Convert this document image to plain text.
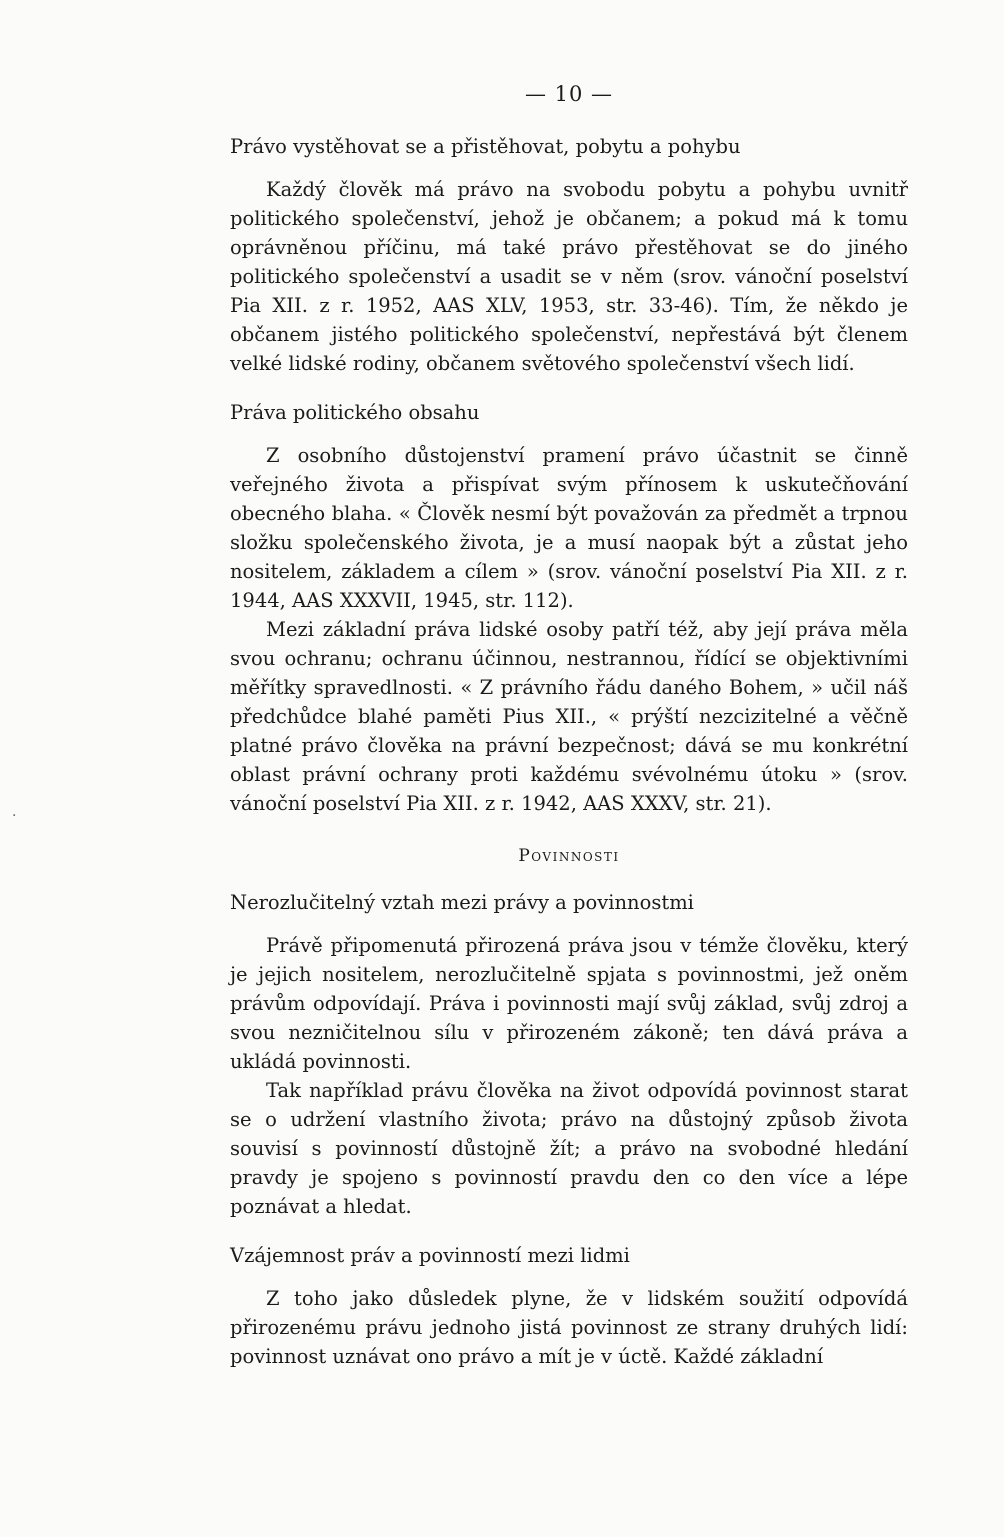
— 10 —
Právo vystěhovat se a přistěhovat, pobytu a pohybu

Každý člověk má právo na svobodu pobytu a pohybu uvnitř politického společenství, jehož je občanem; a pokud má k tomu oprávněnou příčinu, má také právo přestěhovat se do jiného politického společenství a usadit se v něm (srov. vánoční poselství Pia XII. z r. 1952, AAS XLV, 1953, str. 33-46). Tím, že někdo je občanem jistého politického společenství, nepřestává být členem velké lidské rodiny, občanem světového společenství všech lidí.

Práva politického obsahu

Z osobního důstojenství pramení právo účastnit se činně veřejného života a přispívat svým přínosem k uskutečňování obecného blaha. « Člověk nesmí být považován za předmět a trpnou složku společenského života, je a musí naopak být a zůstat jeho nositelem, základem a cílem » (srov. vánoční poselství Pia XII. z r. 1944, AAS XXXVII, 1945, str. 112).

Mezi základní práva lidské osoby patří též, aby její práva měla svou ochranu; ochranu účinnou, nestrannou, řídící se objektivními měřítky spravedlnosti. « Z právního řádu daného Bohem, » učil náš předchůdce blahé paměti Pius XII., « prýští nezcizitelné a věčně platné právo člověka na právní bezpečnost; dává se mu konkrétní oblast právní ochrany proti každému svévolnému útoku » (srov. vánoční poselství Pia XII. z r. 1942, AAS XXXV, str. 21).

Povinnosti
Nerozlučitelný vztah mezi právy a povinnostmi

Právě připomenutá přirozená práva jsou v témže člověku, který je jejich nositelem, nerozlučitelně spjata s povinnostmi, jež oněm právům odpovídají. Práva i povinnosti mají svůj základ, svůj zdroj a svou nezničitelnou sílu v přirozeném zákoně; ten dává práva a ukládá povinnosti.

Tak například právu člověka na život odpovídá povinnost starat se o udržení vlastního života; právo na důstojný způsob života souvisí s povinností důstojně žít; a právo na svobodné hledání pravdy je spojeno s povinností pravdu den co den více a lépe poznávat a hledat.

Vzájemnost práv a povinností mezi lidmi

Z toho jako důsledek plyne, že v lidském soužití odpovídá přirozenému právu jednoho jistá povinnost ze strany druhých lidí: povinnost uznávat ono právo a mít je v úctě. Každé základní

·
